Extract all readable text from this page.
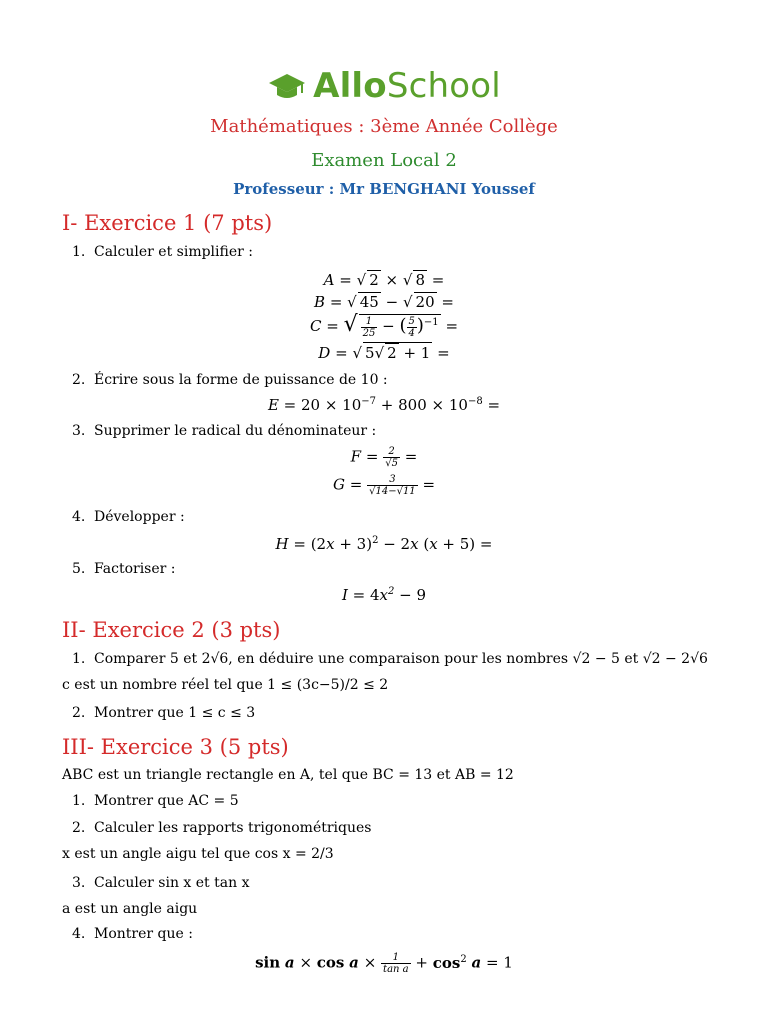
AlloSchool
Mathématiques : 3ème Année Collège
Examen Local 2
Professeur : Mr BENGHANI Youssef
I- Exercice 1 (7 pts)
1. Calculer et simplifier :
A = √ 2 × √ 8 =
B = √ 45 − √ 20 =
C = √ $\frac{1}{25}$ − ( $\frac{5}{4} )^{-1}$ =
D = √ 5√ 2 + 1 =
2. Écrire sous la forme de puissance de 10 :
$E = 20 \times 10^{-7} + 800 \times 10^{-8}$ =
3. Supprimer le radical du dénominateur :
$F = \frac{2}{√5}$ =
$G = \frac{3}{√14-√11}$ =
4. Développer :
$H = (2x + 3)^2 - 2x$ (x + 5) =
5. Factoriser :
$I = 4x^2 - 9$
II- Exercice 2 (3 pts)
1. Comparer 5 et 2√6, en déduire une comparaison pour les nombres √2 − 5 et √2 − 2√6
c est un nombre réel tel que 1 ≤ (3c−5)/2 ≤ 2
2. Montrer que 1 ≤ c ≤ 3
III- Exercice 3 (5 pts)
ABC est un triangle rectangle en A, tel que BC = 13 et AB = 12
1. Montrer que AC = 5
2. Calculer les rapports trigonométriques
x est un angle aigu tel que cos x = 2/3
3. Calculer sin x et tan x
a est un angle aigu
4. Montrer que :
$\sin a \times \cos a \times \frac{1}{\text{tan a}} + \cos^2 a = 1$
